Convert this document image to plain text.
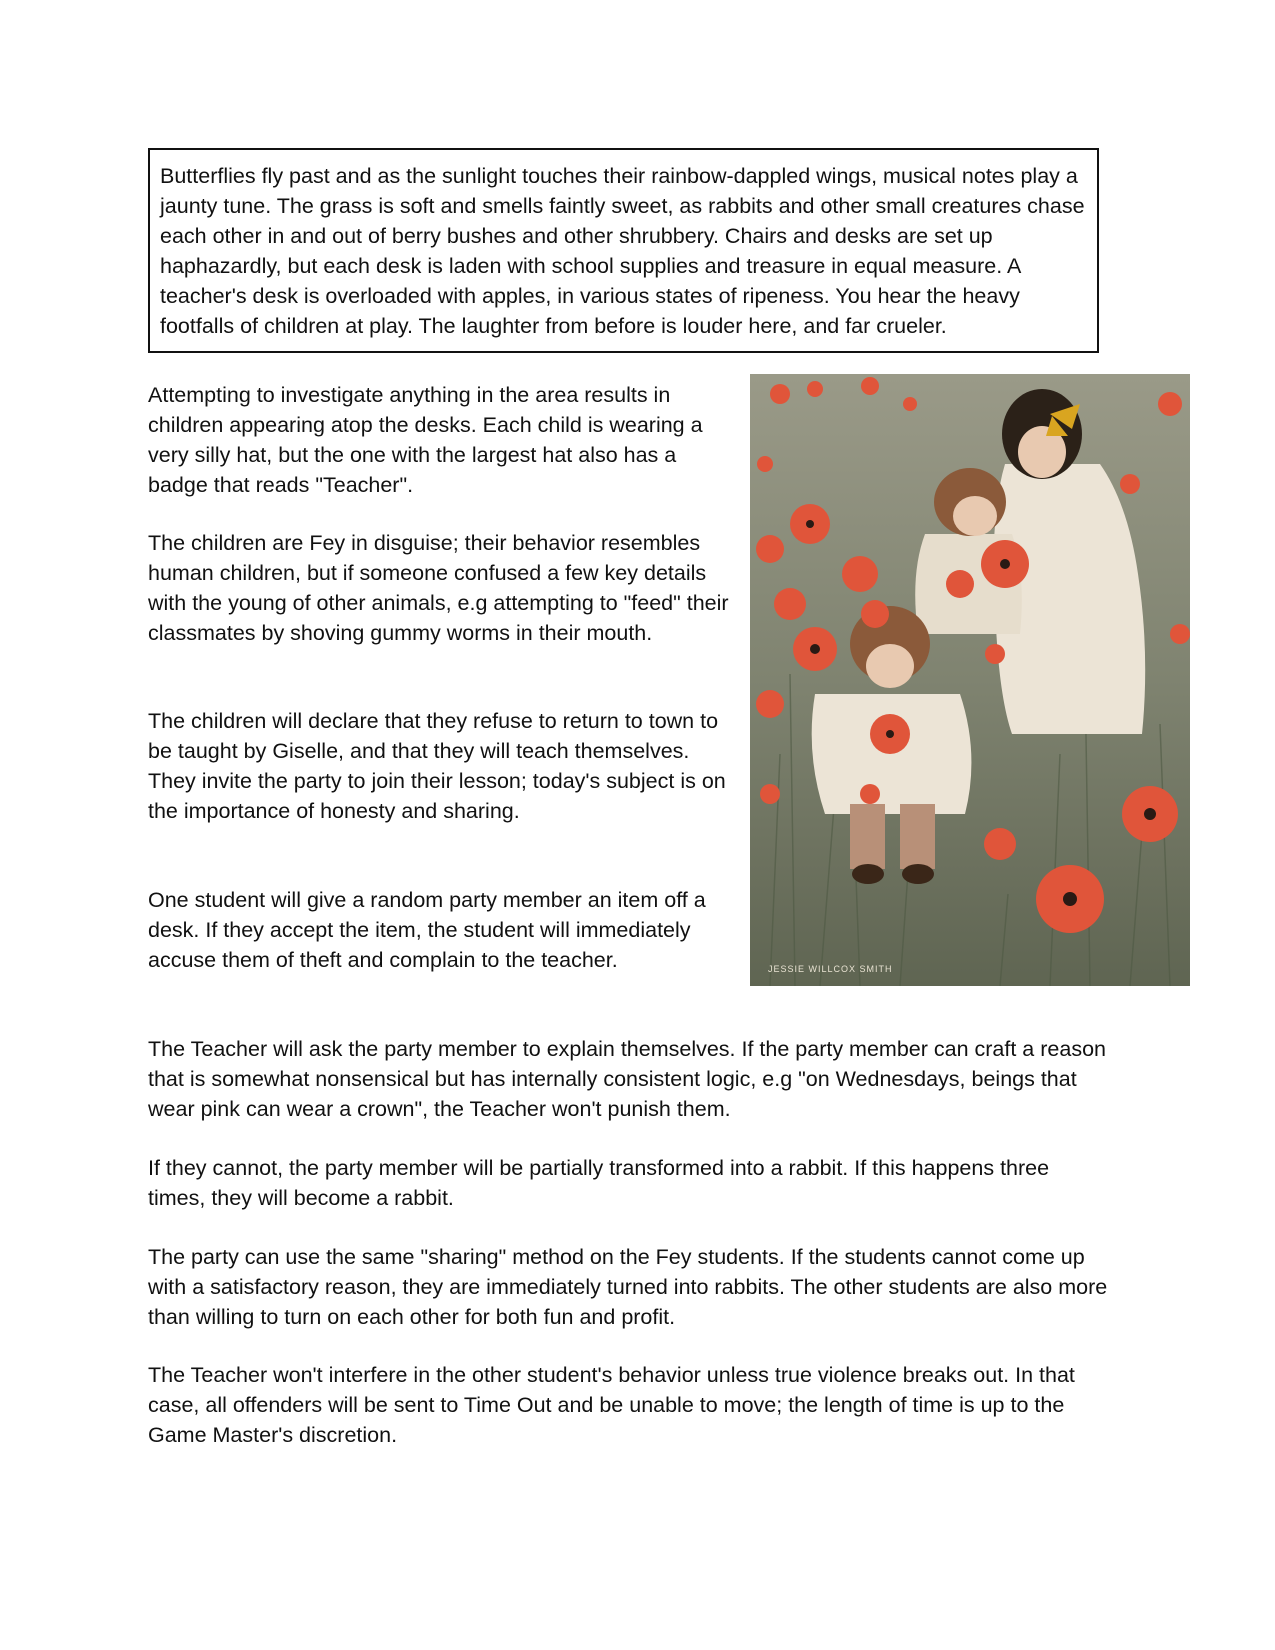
Butterflies fly past and as the sunlight touches their rainbow-dappled wings, musical notes play a jaunty tune. The grass is soft and smells faintly sweet, as rabbits and other small creatures chase each other in and out of berry bushes and other shrubbery. Chairs and desks are set up haphazardly, but each desk is laden with school supplies and treasure in equal measure. A teacher's desk is overloaded with apples, in various states of ripeness. You hear the heavy footfalls of children at play. The laughter from before is louder here, and far crueler.

Attempting to investigate anything in the area results in children appearing atop the desks. Each child is wearing a very silly hat, but the one with the largest hat also has a badge that reads "Teacher".

The children are Fey in disguise; their behavior resembles human children, but if someone confused a few key details with the young of other animals, e.g attempting to "feed" their classmates by shoving gummy worms in their mouth.

The children will declare that they refuse to return to town to be taught by Giselle, and that they will teach themselves. They invite the party to join their lesson; today's subject is on the importance of honesty and sharing.

One student will give a random party member an item off a desk. If they accept the item, the student will immediately accuse them of theft and complain to the teacher.

The Teacher will ask the party member to explain themselves. If the party member can craft a reason that is somewhat nonsensical but has internally consistent logic, e.g "on Wednesdays, beings that wear pink can wear a crown", the Teacher won't punish them.

If they cannot, the party member will be partially transformed into a rabbit. If this happens three times, they will become a rabbit.

The party can use the same "sharing" method on the Fey students. If the students cannot come up with a satisfactory reason, they are immediately turned into rabbits. The other students are also more than willing to turn on each other for both fun and profit.

The Teacher won't interfere in the other student's behavior unless true violence breaks out. In that case, all offenders will be sent to Time Out and be unable to move; the length of time is up to the Game Master's discretion.

JESSIE WILLCOX SMITH
